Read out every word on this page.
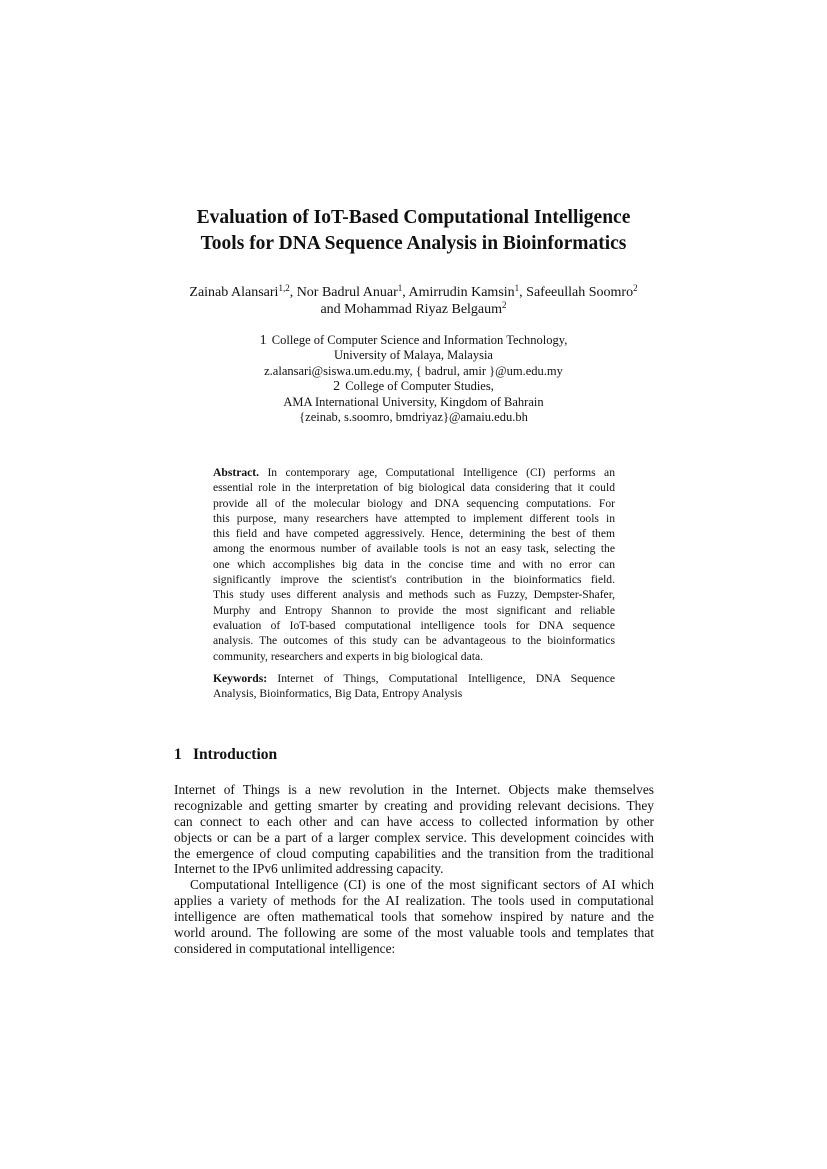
Evaluation of IoT-Based Computational Intelligence
Tools for DNA Sequence Analysis in Bioinformatics
Zainab Alansari$^{1,2}$, Nor Badrul Anuar$^1$, Amirrudin Kamsin$^1$, Safeeullah Soomro$^2$
and Mohammad Riyaz Belgaum$^2$
1 College of Computer Science and Information Technology,
University of Malaya, Malaysia
z.alansari@siswa.um.edu.my, { badrul, amir }@um.edu.my
2 College of Computer Studies,
AMA International University, Kingdom of Bahrain
{zeinab, s.soomro, bmdriyaz}@amaiu.edu.bh
Abstract. In contemporary age, Computational Intelligence (CI) performs an
essential role in the interpretation of big biological data considering that it could
provide all of the molecular biology and DNA sequencing computations. For
this purpose, many researchers have attempted to implement different tools in
this field and have competed aggressively. Hence, determining the best of them
among the enormous number of available tools is not an easy task, selecting the
one which accomplishes big data in the concise time and with no error can
significantly improve the scientist's contribution in the bioinformatics field.
This study uses different analysis and methods such as Fuzzy, Dempster-Shafer,
Murphy and Entropy Shannon to provide the most significant and reliable
evaluation of IoT-based computational intelligence tools for DNA sequence
analysis. The outcomes of this study can be advantageous to the bioinformatics
community, researchers and experts in big biological data.
Keywords: Internet of Things, Computational Intelligence, DNA Sequence
Analysis, Bioinformatics, Big Data, Entropy Analysis
1 Introduction
Internet of Things is a new revolution in the Internet. Objects make themselves
recognizable and getting smarter by creating and providing relevant decisions. They
can connect to each other and can have access to collected information by other
objects or can be a part of a larger complex service. This development coincides with
the emergence of cloud computing capabilities and the transition from the traditional
Internet to the IPv6 unlimited addressing capacity.
Computational Intelligence (CI) is one of the most significant sectors of AI which
applies a variety of methods for the AI realization. The tools used in computational
intelligence are often mathematical tools that somehow inspired by nature and the
world around. The following are some of the most valuable tools and templates that
considered in computational intelligence:
